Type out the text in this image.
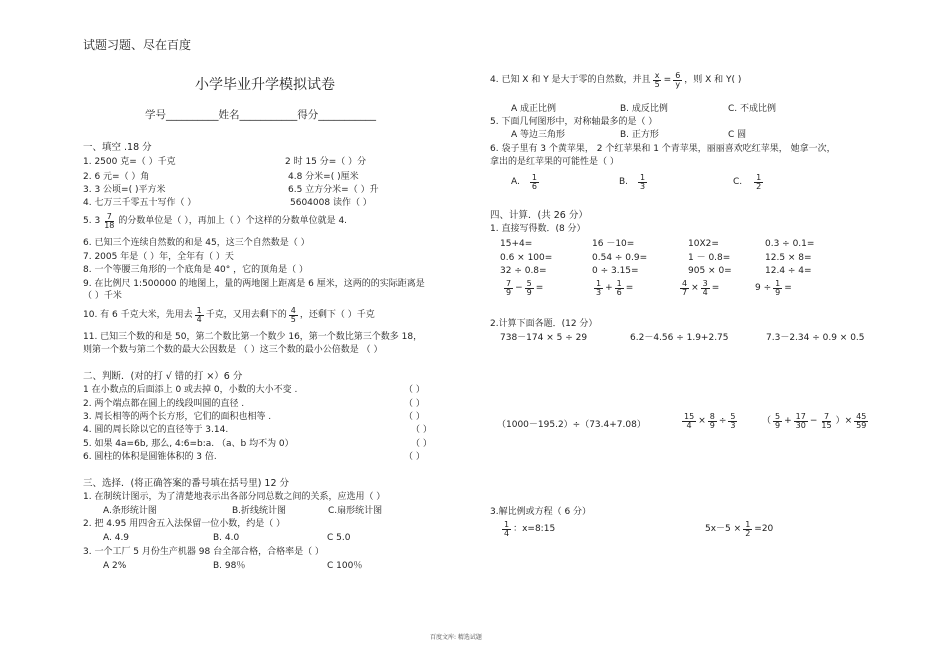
试题习题、尽在百度
小学毕业升学模拟试卷
学号__________姓名___________得分___________
一、填空 .18 分
1. 2500 克=（ ）千克	2 时 15 分=（ ）分
2. 6 元=（ ）角	4.8 分米=( )厘米
3. 3 公顷=( )平方米	6.5 立方分米=（ ）升
4. 七万三千零五十写作（ ）	5604008 读作（ ）
5. $3 \frac{7}{18}$ 的分数单位是（ ），再加上（ ）个这样的分数单位就是 4.
6. 已知三个连续自然数的和是 45，这三个自然数是（ ）
7. 2005 年是（ ）年，全年有（ ）天
8. 一个等腰三角形的一个底角是 40° ，它的顶角是（ ）
9. 在比例尺 1:500000 的地图上，量的两地图上距离是 6 厘米，这两的的实际距离是
（ ）千米
10. 有 6 千克大米，先用去 $\frac{1}{4}$ 千克，又用去剩下的 $\frac{4}{5}$ ，还剩下（ ）千克
11. 已知三个数的和是 50，第二个数比第一个数少 16，第一个数比第三个数多 18，
则第一个数与第二个数的最大公因数是 （ ）这三个数的最小公倍数是 （ ）
二、判断．(对的打 √ 错的打 ×）6 分
1 在小数点的后面添上 0 或去掉 0，小数的大小不变 .	（ ）
2. 两个端点都在圆上的线段叫圆的直径 .	（ ）
3. 周长相等的两个长方形，它们的面积也相等 .	（ ）
4. 圆的周长除以它的直径等于 3.14.	（ ）
5. 如果 4a=6b, 那么, 4:6=b:a. （a、b 均不为 0）	（ ）
6. 圆柱的体积是圆锥体积的 3 倍.	（ ）
三、选择．(将正确答案的番号填在括号里) 12 分
1. 在制统计图示，为了清楚地表示出各部分同总数之间的关系，应选用（ ）
A.条形统计图	B.折线统计图	C.扇形统计图
2. 把 4.95 用四舍五入法保留一位小数，约是（ ）
A. 4.9	B. 4.0	C 5.0
3. 一个工厂 5 月份生产机器 98 台全部合格，合格率是（ ）
A 2%	B. 98％	C 100％
4. 已知 X 和 Y 是大于零的自然数，并且 $\frac{x}{5} = \frac{6}{y}$ ，则 X 和 Y( )
A 成正比例	B. 成反比例	C. 不成比例
5. 下面几何图形中，对称轴最多的是（ ）
A 等边三角形	B. 正方形	C 圆
6. 袋子里有 3 个黄苹果， 2 个红苹果和 1 个青苹果，丽丽喜欢吃红苹果， 她拿一次，
拿出的是红苹果的可能性是（ ）
A. $\frac{1}{6}$	B. $\frac{1}{3}$	C. $\frac{1}{2}$
四、计算．(共 26 分）
1. 直接写得数．(8 分）
15+4=	16 －10=	10X2=	0.3 ÷ 0.1=
0.6 × 100=	0.54 ÷ 0.9=	1 － 0.8=	12.5 × 8=
32 ÷ 0.8=	0 ÷ 3.15=	905 × 0=	12.4 ÷ 4=
$\frac{7}{9} - \frac{5}{9}$ =	$\frac{1}{3} + \frac{1}{6}$ =	$\frac{4}{7} \times \frac{3}{4}$ =	$9 \div \frac{1}{9}$ =
2.计算下面各题．(12 分）
738－174 × 5 ÷ 29	6.2－4.56 ÷ 1.9+2.75	7.3－2.34 ÷ 0.9 × 0.5
（1000－195.2）÷（73.4+7.08）	$\frac{15}{4} \times \frac{8}{9} \div \frac{5}{3}$	（ $\frac{5}{9} + \frac{17}{30} - \frac{7}{15}$ ） × $\frac{45}{59}$
3.解比例或方程（ 6 分）
$\frac{1}{4}$ ：x=8:15	$5x-5 \times \frac{1}{2} =20$
百度文库: 精选试题
